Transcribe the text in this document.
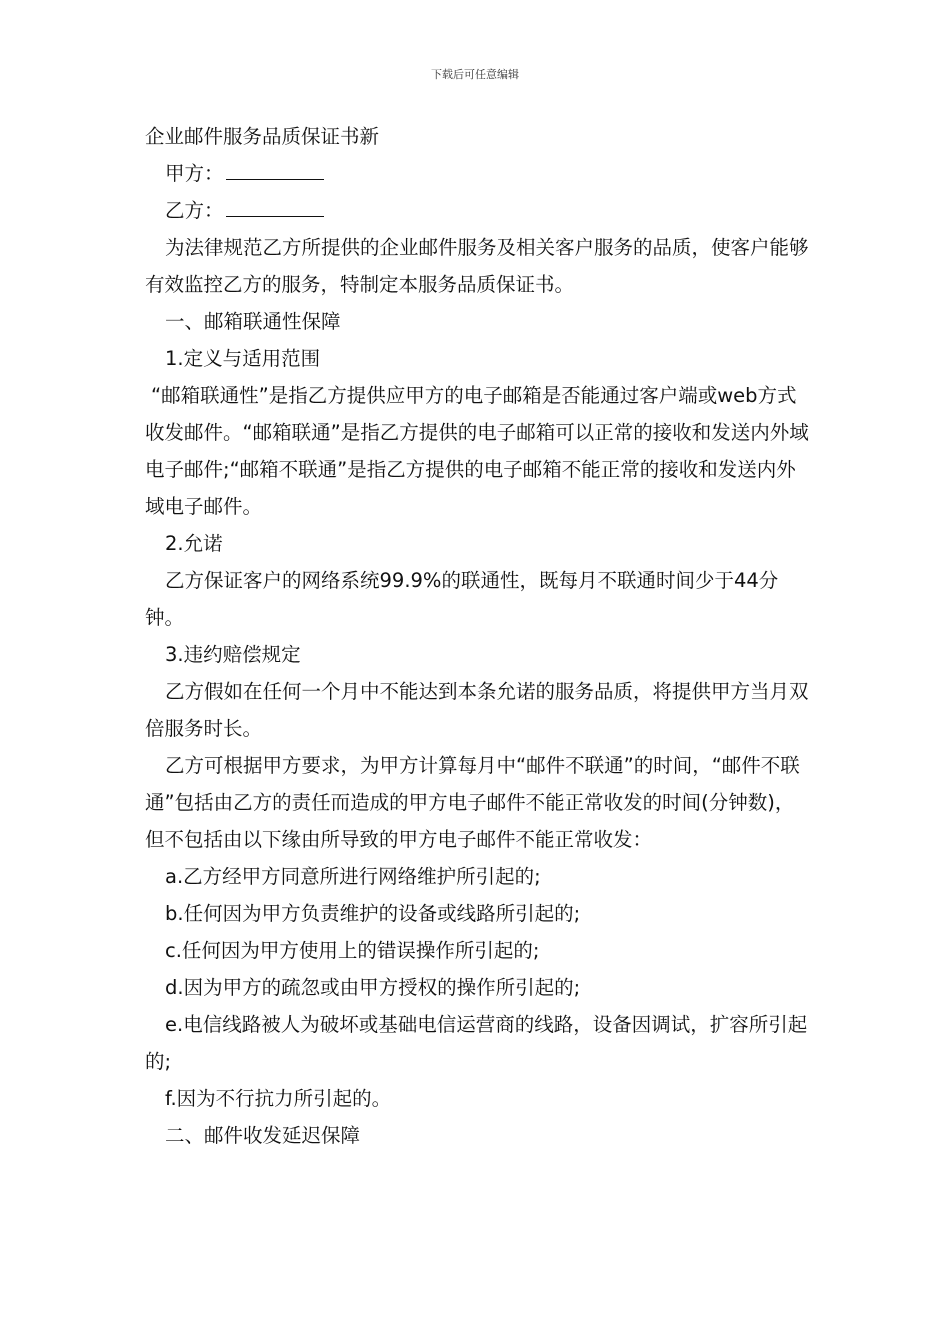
下载后可任意编辑

企业邮件服务品质保证书新

甲方：

乙方：

为法律规范乙方所提供的企业邮件服务及相关客户服务的品质，使客户能够有效监控乙方的服务，特制定本服务品质保证书。

一、邮箱联通性保障

1.定义与适用范围

“邮箱联通性”是指乙方提供应甲方的电子邮箱是否能通过客户端或web方式收发邮件。“邮箱联通”是指乙方提供的电子邮箱可以正常的接收和发送内外域电子邮件;“邮箱不联通”是指乙方提供的电子邮箱不能正常的接收和发送内外域电子邮件。

2.允诺

乙方保证客户的网络系统99.9%的联通性，既每月不联通时间少于44分钟。

3.违约赔偿规定

乙方假如在任何一个月中不能达到本条允诺的服务品质，将提供甲方当月双倍服务时长。

乙方可根据甲方要求，为甲方计算每月中“邮件不联通”的时间，“邮件不联通”包括由乙方的责任而造成的甲方电子邮件不能正常收发的时间(分钟数)，但不包括由以下缘由所导致的甲方电子邮件不能正常收发：

a.乙方经甲方同意所进行网络维护所引起的;

b.任何因为甲方负责维护的设备或线路所引起的;

c.任何因为甲方使用上的错误操作所引起的;

d.因为甲方的疏忽或由甲方授权的操作所引起的;

e.电信线路被人为破坏或基础电信运营商的线路，设备因调试，扩容所引起的;

f.因为不行抗力所引起的。

二、邮件收发延迟保障
